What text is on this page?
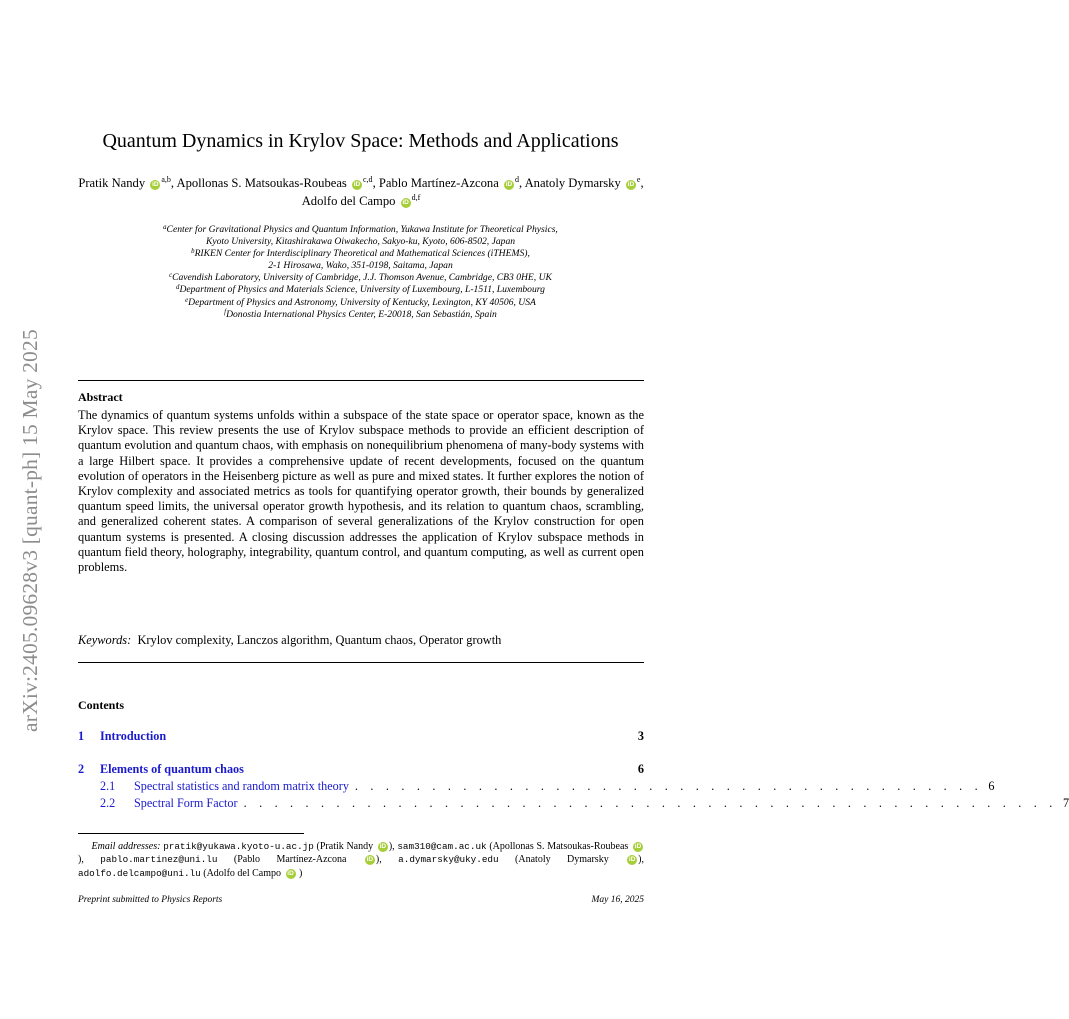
arXiv:2405.09628v3 [quant-ph] 15 May 2025
Quantum Dynamics in Krylov Space: Methods and Applications
Pratik Nandy iD$^{a,b}$, Apollonas S. Matsoukas-Roubeas iD$^{c,d}$, Pablo Martínez-Azcona $iD^d$, Anatoly Dymarsky $iD^e$, Adolfo del Campo iD$^{d,f}$
$^a$Center for Gravitational Physics and Quantum Information, Yukawa Institute for Theoretical Physics,
Kyoto University, Kitashirakawa Oiwakecho, Sakyo-ku, Kyoto, 606-8502, Japan
$^b$RIKEN Center for Interdisciplinary Theoretical and Mathematical Sciences (iTHEMS),
2-1 Hirosawa, Wako, 351-0198, Saitama, Japan
$^c$Cavendish Laboratory, University of Cambridge, J.J. Thomson Avenue, Cambridge, CB3 0HE, UK
$^d$Department of Physics and Materials Science, University of Luxembourg, L-1511, Luxembourg
$^e$Department of Physics and Astronomy, University of Kentucky, Lexington, KY 40506, USA
$^f$Donostia International Physics Center, E-20018, San Sebastián, Spain
Abstract
The dynamics of quantum systems unfolds within a subspace of the state space or operator space, known as the Krylov space. This review presents the use of Krylov subspace methods to provide an efficient description of quantum evolution and quantum chaos, with emphasis on nonequilibrium phenomena of many-body systems with a large Hilbert space. It provides a comprehensive update of recent developments, focused on the quantum evolution of operators in the Heisenberg picture as well as pure and mixed states. It further explores the notion of Krylov complexity and associated metrics as tools for quantifying operator growth, their bounds by generalized quantum speed limits, the universal operator growth hypothesis, and its relation to quantum chaos, scrambling, and generalized coherent states. A comparison of several generalizations of the Krylov construction for open quantum systems is presented. A closing discussion addresses the application of Krylov subspace methods in quantum field theory, holography, integrability, quantum control, and quantum computing, as well as current open problems.
Keywords: Krylov complexity, Lanczos algorithm, Quantum chaos, Operator growth
Contents
1	Introduction	3
2	Elements of quantum chaos	6
2.1	Spectral statistics and random matrix theory . . . . . . . . . . . . . . . . . . . . . . . . . . . . . . . . . . . . . . . . . 6
2.2	Spectral Form Factor . . . . . . . . . . . . . . . . . . . . . . . . . . . . . . . . . . . . . . . . . . . . . . . . . . . . . 7
Email addresses: pratik@yukawa.kyoto-u.ac.jp (Pratik Nandy iD ), sam310@cam.ac.uk (Apollonas S. Matsoukas-Roubeas iD), pablo.martinez@uni.lu (Pablo Martínez-Azcona	iD ), a.dymarsky@uky.edu (Anatoly Dymarsky	iD ), adolfo.delcampo@uni.lu (Adolfo del Campo iD )
Preprint submitted to Physics Reports	May 16, 2025
